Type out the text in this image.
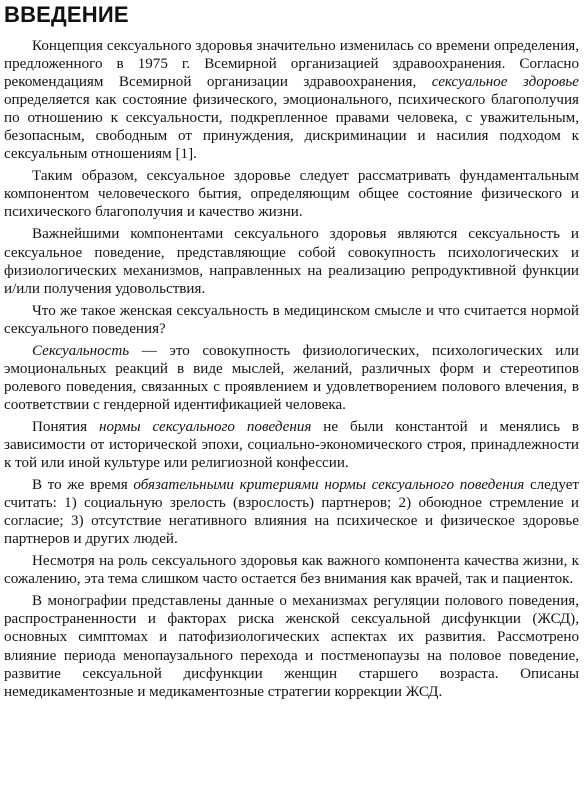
ВВЕДЕНИЕ

Концепция сексуального здоровья значительно изменилась со времени определения, предложенного в 1975 г. Всемирной организацией здравоохранения. Согласно рекомендациям Всемирной организации здравоохранения, сексуальное здоровье определяется как состояние физического, эмоционального, психического благополучия по отношению к сексуальности, подкрепленное правами человека, с уважительным, безопасным, свободным от принуждения, дискриминации и насилия подходом к сексуальным отношениям [1].

Таким образом, сексуальное здоровье следует рассматривать фундаментальным компонентом человеческого бытия, определяющим общее состояние физического и психического благополучия и качество жизни.

Важнейшими компонентами сексуального здоровья являются сексуальность и сексуальное поведение, представляющие собой совокупность психологических и физиологических механизмов, направленных на реализацию репродуктивной функции и/или получения удовольствия.

Что же такое женская сексуальность в медицинском смысле и что считается нормой сексуального поведения?

Сексуальность — это совокупность физиологических, психологических или эмоциональных реакций в виде мыслей, желаний, различных форм и стереотипов ролевого поведения, связанных с проявлением и удовлетворением полового влечения, в соответствии с гендерной идентификацией человека.

Понятия нормы сексуального поведения не были константой и менялись в зависимости от исторической эпохи, социально-экономического строя, принадлежности к той или иной культуре или религиозной конфессии.

В то же время обязательными критериями нормы сексуального поведения следует считать: 1) социальную зрелость (взрослость) партнеров; 2) обоюдное стремление и согласие; 3) отсутствие негативного влияния на психическое и физическое здоровье партнеров и других людей.

Несмотря на роль сексуального здоровья как важного компонента качества жизни, к сожалению, эта тема слишком часто остается без внимания как врачей, так и пациенток.

В монографии представлены данные о механизмах регуляции полового поведения, распространенности и факторах риска женской сексуальной дисфункции (ЖСД), основных симптомах и патофизиологических аспектах их развития. Рассмотрено влияние периода менопаузального перехода и постменопаузы на половое поведение, развитие сексуальной дисфункции женщин старшего возраста. Описаны немедикаментозные и медикаментозные стратегии коррекции ЖСД.
